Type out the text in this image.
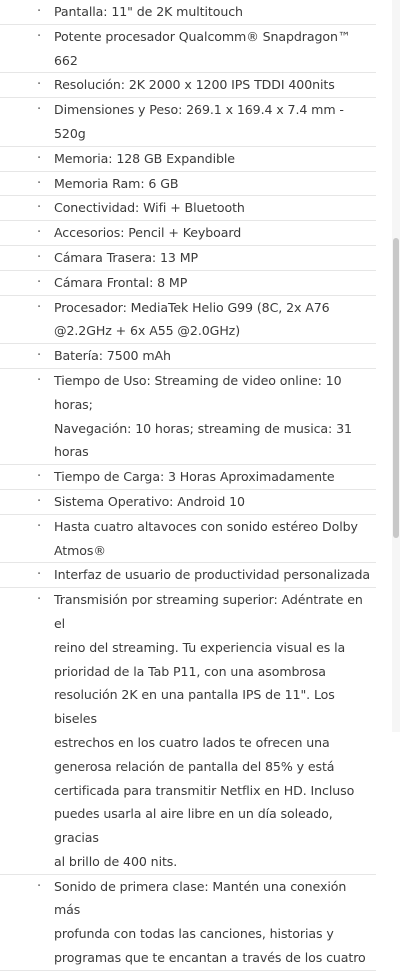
· Pantalla: 11" de 2K multitouch
· Potente procesador Qualcomm® Snapdragon™ 662
· Resolución: 2K 2000 x 1200 IPS TDDI 400nits
· Dimensiones y Peso: 269.1 x 169.4 x 7.4 mm - 520g
· Memoria: 128 GB Expandible
· Memoria Ram: 6 GB
· Conectividad: Wifi + Bluetooth
· Accesorios: Pencil + Keyboard
· Cámara Trasera: 13 MP
· Cámara Frontal: 8 MP
· Procesador: MediaTek Helio G99 (8C, 2x A76
@2.2GHz + 6x A55 @2.0GHz)
· Batería: 7500 mAh
· Tiempo de Uso: Streaming de video online: 10 horas;
Navegación: 10 horas; streaming de musica: 31
horas
· Tiempo de Carga: 3 Horas Aproximadamente
· Sistema Operativo: Android 10
· Hasta cuatro altavoces con sonido estéreo Dolby
Atmos®
· Interfaz de usuario de productividad personalizada
· Transmisión por streaming superior: Adéntrate en el
reino del streaming. Tu experiencia visual es la
prioridad de la Tab P11, con una asombrosa
resolución 2K en una pantalla IPS de 11". Los biseles
estrechos en los cuatro lados te ofrecen una
generosa relación de pantalla del 85% y está
certificada para transmitir Netflix en HD. Incluso
puedes usarla al aire libre en un día soleado, gracias
al brillo de 400 nits.
· Sonido de primera clase: Mantén una conexión más
profunda con todas las canciones, historias y
programas que te encantan a través de los cuatro
